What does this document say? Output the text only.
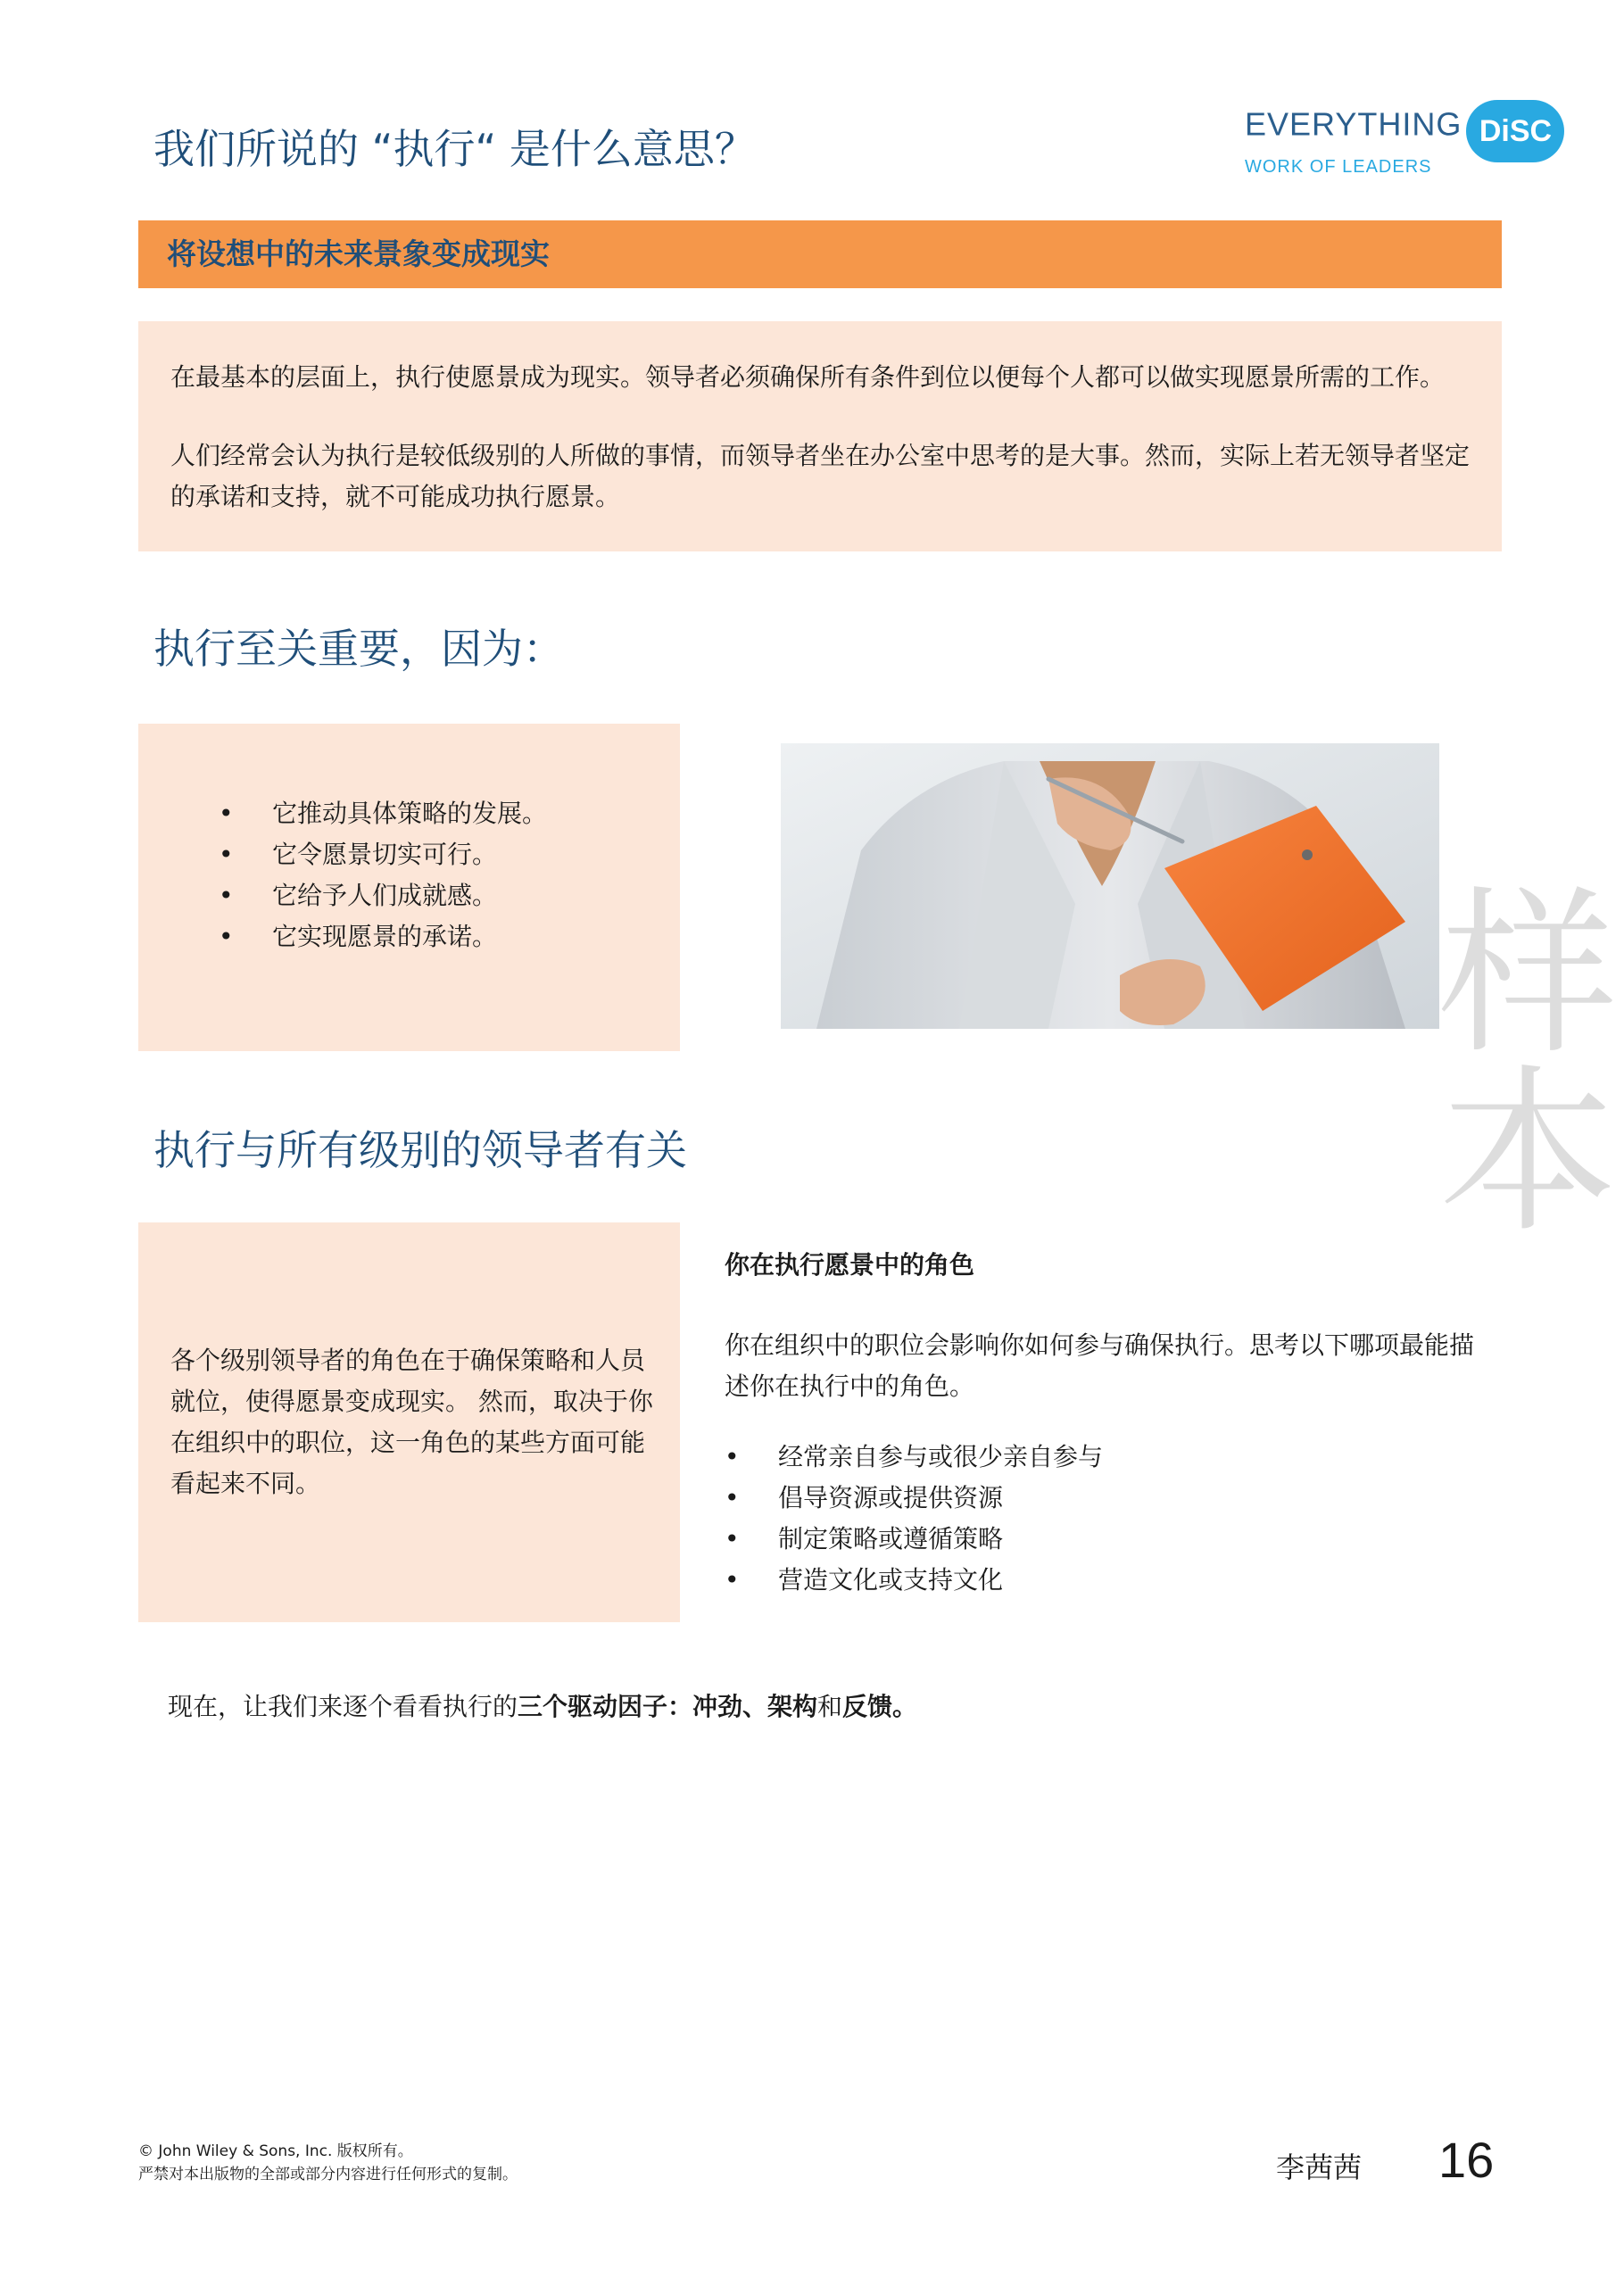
我们所说的 “执行“ 是什么意思？
EVERYTHING DiSC
WORK OF LEADERS
将设想中的未来景象变成现实
在最基本的层面上，执行使愿景成为现实。领导者必须确保所有条件到位以便每个人都可以做实现愿景所需的工作。
人们经常会认为执行是较低级别的人所做的事情，而领导者坐在办公室中思考的是大事。然而，实际上若无领导者坚定
的承诺和支持，就不可能成功执行愿景。
执行至关重要，因为：
• 它推动具体策略的发展。
• 它令愿景切实可行。
• 它给予人们成就感。
• 它实现愿景的承诺。
执行与所有级别的领导者有关
各个级别领导者的角色在于确保策略和人员
就位，使得愿景变成现实。 然而，取决于你
在组织中的职位，这一角色的某些方面可能
看起来不同。
你在执行愿景中的角色
你在组织中的职位会影响你如何参与确保执行。思考以下哪项最能描
述你在执行中的角色。
• 经常亲自参与或很少亲自参与
• 倡导资源或提供资源
• 制定策略或遵循策略
• 营造文化或支持文化
现在，让我们来逐个看看执行的三个驱动因子：冲劲、架构和反馈。
样本
© John Wiley & Sons, Inc. 版权所有。
严禁对本出版物的全部或部分内容进行任何形式的复制。	李茜茜 16
